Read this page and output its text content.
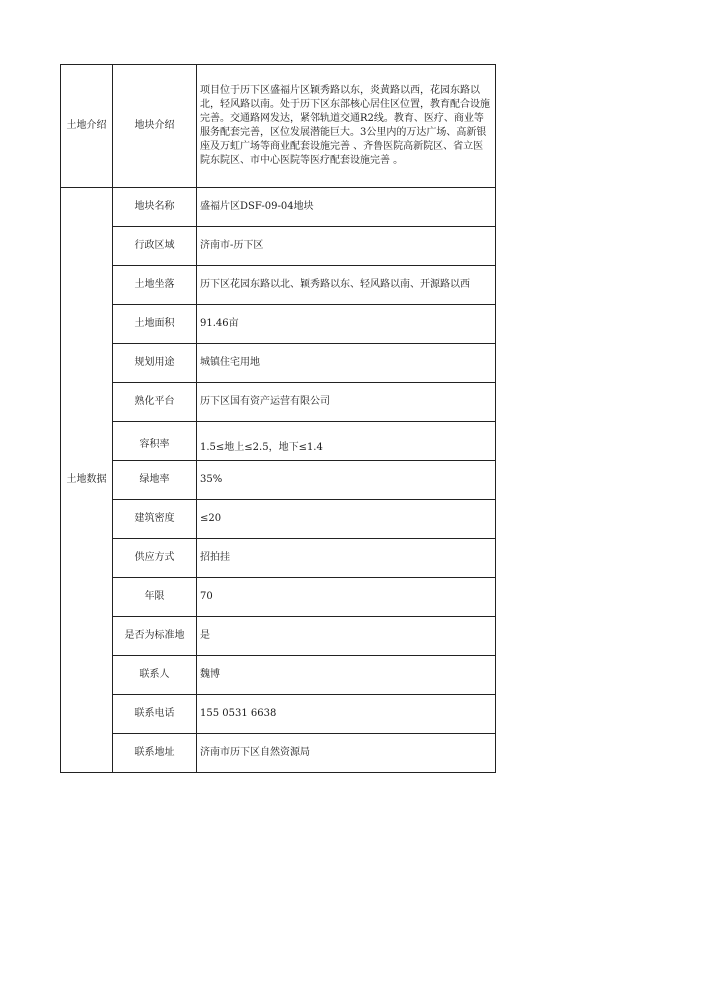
土地介绍	地块介绍	项目位于历下区盛福片区颖秀路以东，炎黄路以西，花园东路以北，轻风路以南。处于历下区东部核心居住区位置，教育配合设施完善。交通路网发达，紧邻轨道交通R2线。教育、医疗、商业等服务配套完善，区位发展潜能巨大。3公里内的万达广场、高新银座及万虹广场等商业配套设施完善 、齐鲁医院高新院区、省立医院东院区、市中心医院等医疗配套设施完善 。
土地数据	地块名称	盛福片区DSF-09-04地块
	行政区域	济南市-历下区
	土地坐落	历下区花园东路以北、颖秀路以东、轻风路以南、开源路以西
	土地面积	91.46亩
	规划用途	城镇住宅用地
	熟化平台	历下区国有资产运营有限公司
	容积率	1.5≤地上≤2.5，地下≤1.4
	绿地率	35%
	建筑密度	≤20
	供应方式	招拍挂
	年限	70
	是否为标准地	是
	联系人	魏博
	联系电话	155 0531 6638
	联系地址	济南市历下区自然资源局
